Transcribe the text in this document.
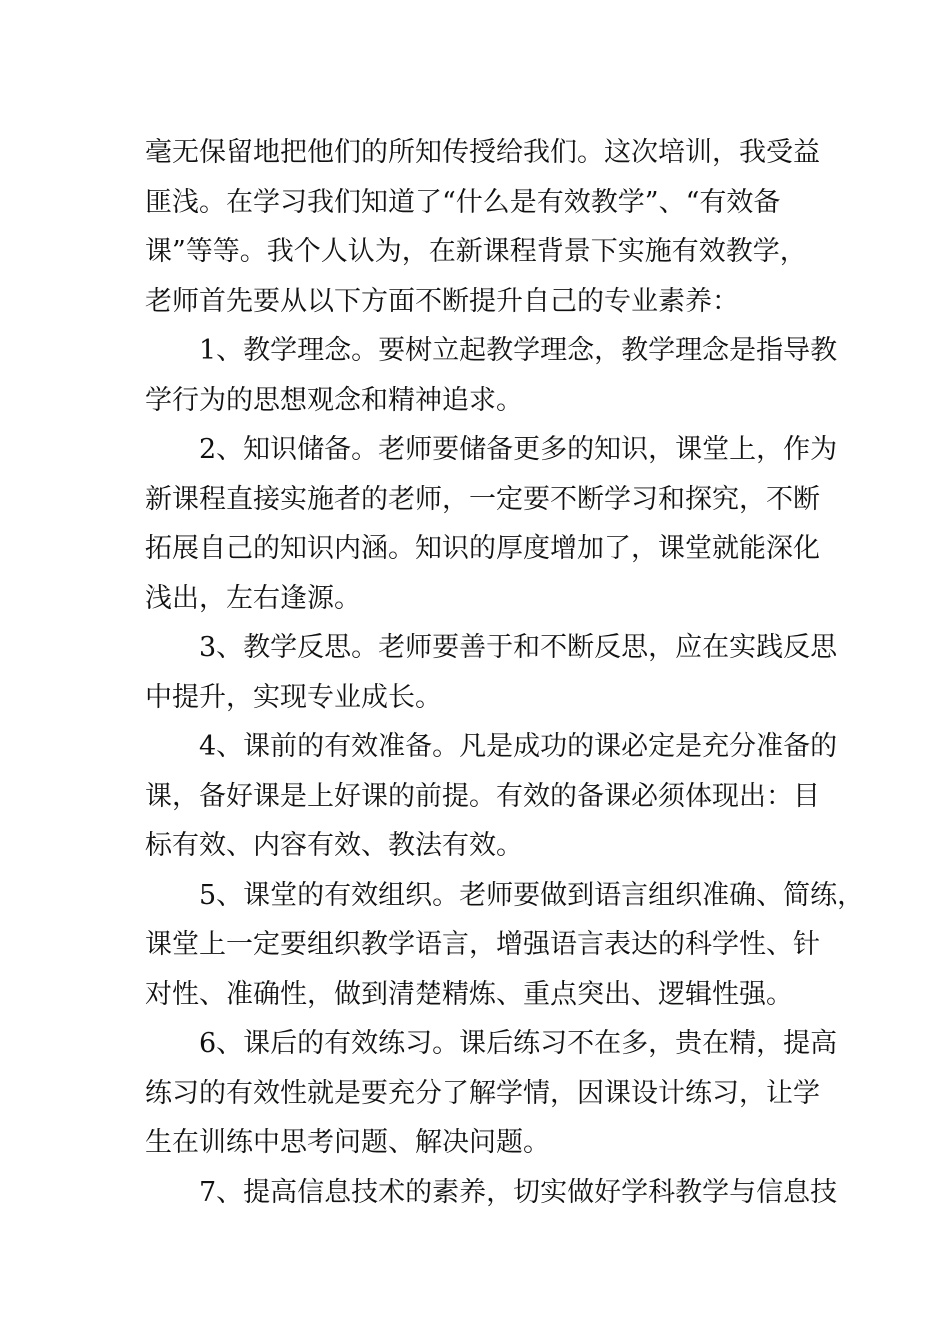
毫无保留地把他们的所知传授给我们。这次培训，我受益
匪浅。在学习我们知道了“什么是有效教学”、“有效备
课”等等。我个人认为，在新课程背景下实施有效教学，
老师首先要从以下方面不断提升自己的专业素养：
1、教学理念。要树立起教学理念，教学理念是指导教
学行为的思想观念和精神追求。
2、知识储备。老师要储备更多的知识，课堂上，作为
新课程直接实施者的老师，一定要不断学习和探究，不断
拓展自己的知识内涵。知识的厚度增加了，课堂就能深化
浅出，左右逢源。
3、教学反思。老师要善于和不断反思，应在实践反思
中提升，实现专业成长。
4、课前的有效准备。凡是成功的课必定是充分准备的
课，备好课是上好课的前提。有效的备课必须体现出：目
标有效、内容有效、教法有效。
5、课堂的有效组织。老师要做到语言组织准确、简练，
课堂上一定要组织教学语言，增强语言表达的科学性、针
对性、准确性，做到清楚精炼、重点突出、逻辑性强。
6、课后的有效练习。课后练习不在多，贵在精，提高
练习的有效性就是要充分了解学情，因课设计练习，让学
生在训练中思考问题、解决问题。
7、提高信息技术的素养，切实做好学科教学与信息技
